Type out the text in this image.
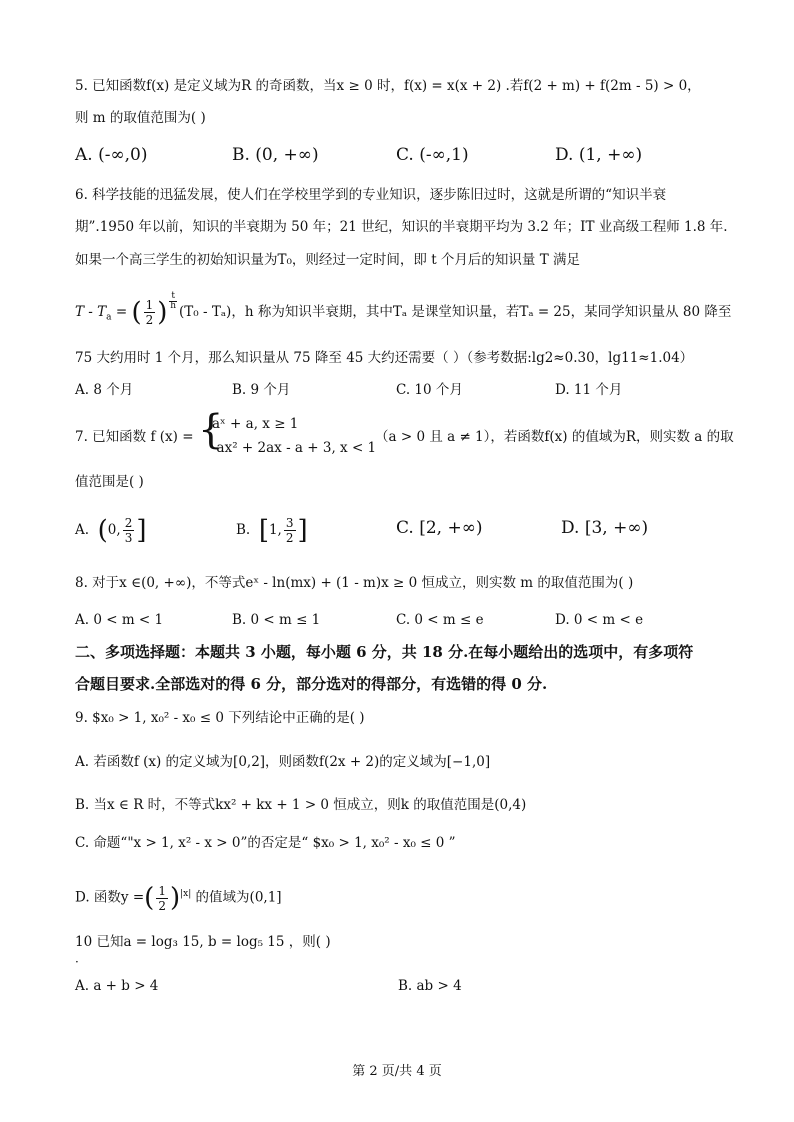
5. 已知函数f(x) 是定义域为R 的奇函数，当x ≥ 0 时，f(x) = x(x + 2) .若f(2 + m) + f(2m - 5) > 0，
则 m 的取值范围为( )
A. (-∞,0)	B. (0, +∞)	C. (-∞,1)	D. (1, +∞)
6. 科学技能的迅猛发展，使人们在学校里学到的专业知识，逐步陈旧过时，这就是所谓的“知识半衰
期”.1950 年以前，知识的半衰期为 50 年；21 世纪，知识的半衰期平均为 3.2 年；IT 业高级工程师 1.8 年.
如果一个高三学生的初始知识量为T₀，则经过一定时间，即 t 个月后的知识量 T 满足
T - $T_a$ = ( $\frac{1}{2}$ ) $\frac{t}{h}$
(T₀ - Tₐ)，h 称为知识半衰期，其中Tₐ 是课堂知识量，若Tₐ = 25，某同学知识量从 80 降至
75 大约用时 1 个月，那么知识量从 75 降至 45 大约还需要（ ）（参考数据:lg2≈0.30，lg11≈1.04）
A. 8 个月	B. 9 个月	C. 10 个月	D. 11 个月
7. 已知函数 f (x) = {
aˣ + a, x ≥ 1
-ax² + 2ax - a + 3, x < 1
（a > 0 且 a ≠ 1），若函数f(x) 的值域为R，则实数 a 的取
值范围是( )
A. (0, $\frac{2}{3}$ ]	B. [1, $\frac{3}{2}$ ]	C. [2, +∞)	D. [3, +∞)
8. 对于x ∈(0, +∞)，不等式eˣ - ln(mx) + (1 - m)x ≥ 0 恒成立，则实数 m 的取值范围为( )
A. 0 < m < 1	B. 0 < m ≤ 1	C. 0 < m ≤ e	D. 0 < m < e
二、多项选择题：本题共 3 小题，每小题 6 分，共 18 分.在每小题给出的选项中，有多项符
合题目要求.全部选对的得 6 分，部分选对的得部分，有选错的得 0 分.
9. $x₀ > 1, x₀² - x₀ ≤ 0 下列结论中正确的是( )
A. 若函数f (x) 的定义域为[0,2]，则函数f(2x + 2)的定义域为[−1,0]
B. 当x ∈ R 时，不等式kx² + kx + 1 > 0 恒成立，则k 的取值范围是(0,4)
C. 命题“"x > 1, x² - x > 0”的否定是“ $x₀ > 1, x₀² - x₀ ≤ 0 ”
D. 函数y =( $\frac{1}{2} )^{|x|}$ 的值域为(0,1]
10 已知a = log₃ 15, b = log₅ 15 ，则( )
·
A. a + b > 4	B. ab > 4
第 2 页/共 4 页
